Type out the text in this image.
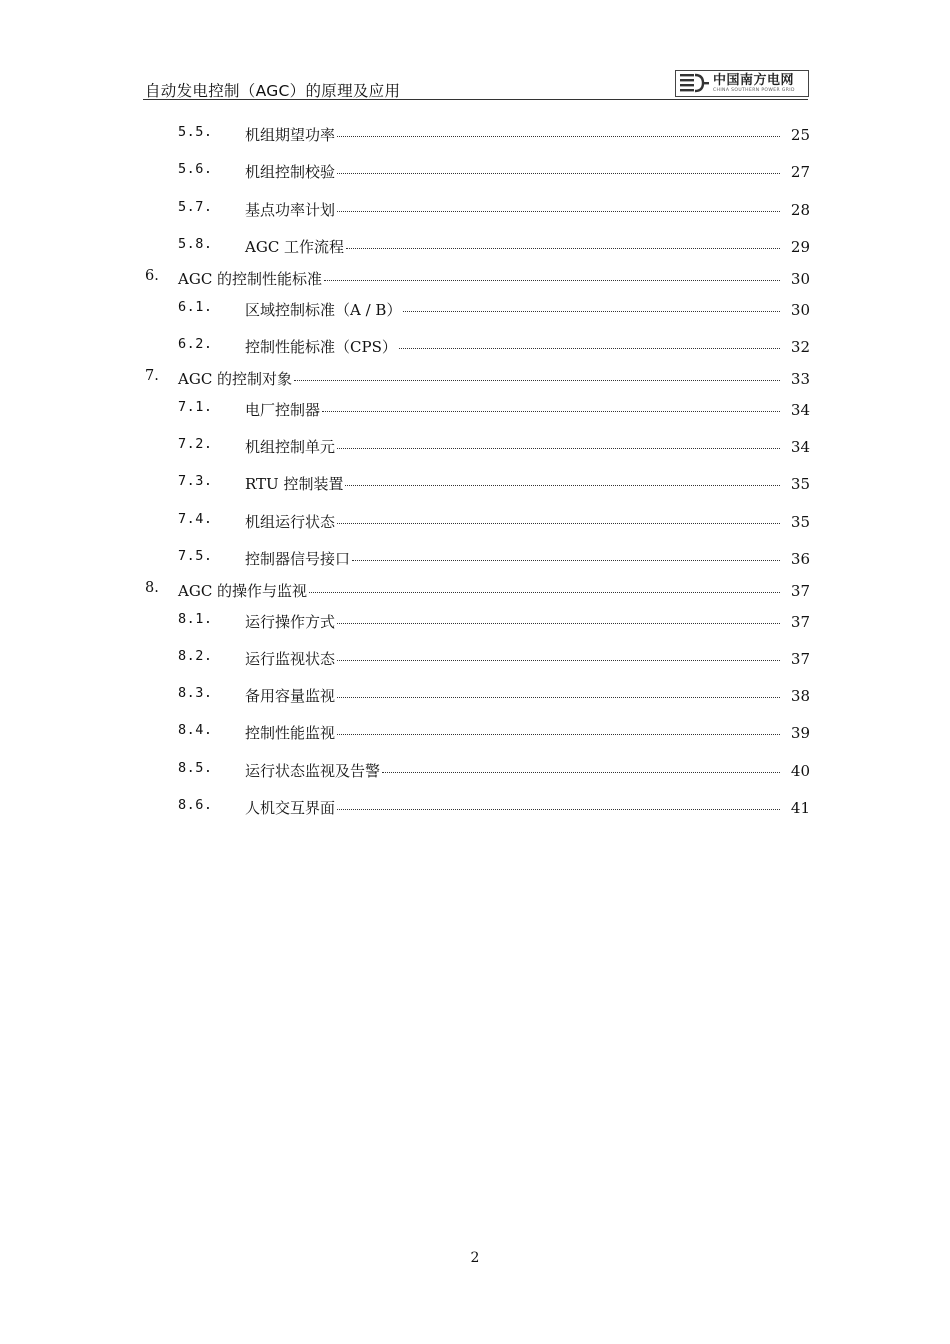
自动发电控制（AGC）的原理及应用
中国南方电网
CHINA SOUTHERN POWER GRID
5.5. 机组期望功率	25
5.6. 机组控制校验	27
5.7. 基点功率计划	28
5.8. AGC 工作流程	29
6. AGC 的控制性能标准	30
6.1. 区域控制标准（A / B）	30
6.2. 控制性能标准（CPS）	32
7. AGC 的控制对象	33
7.1. 电厂控制器	34
7.2. 机组控制单元	34
7.3. RTU 控制装置	35
7.4. 机组运行状态	35
7.5. 控制器信号接口	36
8. AGC 的操作与监视	37
8.1. 运行操作方式	37
8.2. 运行监视状态	37
8.3. 备用容量监视	38
8.4. 控制性能监视	39
8.5. 运行状态监视及告警	40
8.6. 人机交互界面	41
2
